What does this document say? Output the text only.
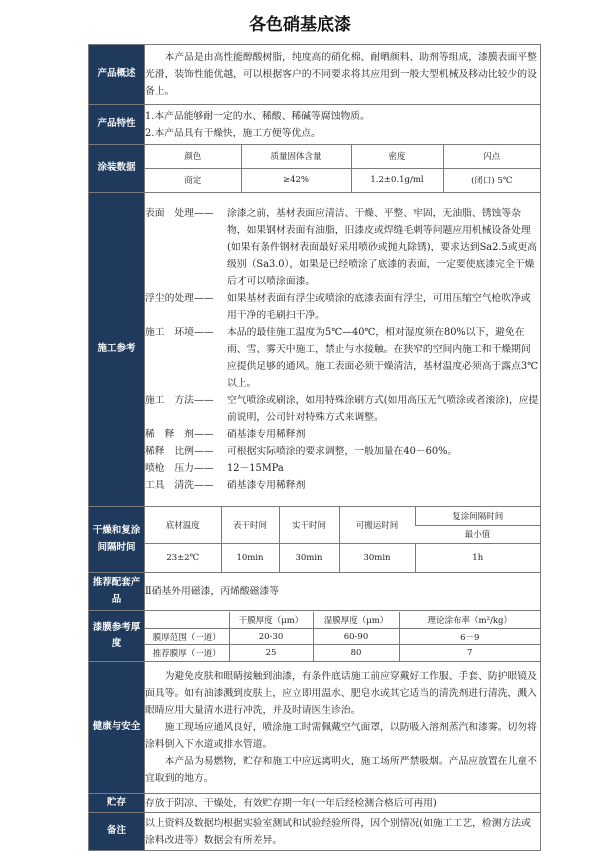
各色硝基底漆
产品概述	

本产品是由高性能醇酸树脂，纯度高的硝化棉、耐晒颜料、助剂等组成，漆膜表面平整光滑，装饰性能优越，可以根据客户的不同要求将其应用到一般大型机械及移动比较少的设备上。

产品特性	

1.本产品能够耐一定的水、稀酸、稀碱等腐蚀物质。

2.本产品具有干燥快，施工方便等优点。

涂装数据	
颜色	质量固体含量	密度	闪点
商定	≥42%	1.2±0.1g/ml	(闭口) 5℃

施工参考	
表面　处理——	涂漆之前，基材表面应清洁、干燥、平整、牢固，无油脂、锈蚀等杂物，如果钢材表面有油脂，旧漆皮或焊缝毛刺等问题应用机械设备处理(如果有条件钢材表面最好采用喷砂或抛丸除锈)，要求达到Sa2.5或更高级别（Sa3.0），如果是已经喷涂了底漆的表面，一定要使底漆完全干燥后才可以喷涂面漆。
浮尘的处理——	如果基材表面有浮尘或喷涂的底漆表面有浮尘，可用压缩空气枪吹净或用干净的毛刷扫干净。
施工　环境——	本品的最佳施工温度为5℃—40℃，相对湿度须在80%以下，避免在雨、雪、雾天中施工，禁止与水接触。在狭窄的空间内施工和干燥期间应提供足够的通风。施工表面必须干燥清洁，基材温度必须高于露点3℃以上。
施工　方法——	空气喷涂或刷涂，如用特殊涂刷方式(如用高压无气喷涂或者滚涂)，应提前说明，公司针对特殊方式来调整。
稀　释　剂——	硝基漆专用稀释剂
稀释　比例——	可根据实际喷涂的要求调整，一般加量在40－60%。
喷枪　压力——	12－15MPa
工具　清洗——	硝基漆专用稀释剂

干燥和复涂间隔时间	
底材温度	表干时间	实干时间	可搬运时间	复涂间隔时间
最小值
23±2℃	10min	30min	30min	1h

推荐配套产品	Ⅱ硝基外用磁漆，丙烯酸磁漆等
漆膜参考厚度	
	干膜厚度（μm）	湿膜厚度（μm）	理论涂布率（m²/kg）
膜厚范围（一道）	20-30	60-90	6－9
推荐膜厚（一道）	25	80	7

健康与安全	

为避免皮肤和眼睛接触到油漆，有条件底话施工前应穿戴好工作服、手套、防护眼镜及面具等。如有油漆溅到皮肤上，应立即用温水、肥皂水或其它适当的清洗剂进行清洗，溅入眼睛应用大量清水进行冲洗，并及时请医生诊治。

施工现场应通风良好，喷涂施工时需佩戴空气面罩，以防吸入溶剂蒸汽和漆雾。切勿将涂料倒入下水道或排水管道。

本产品为易燃物，贮存和施工中应远离明火，施工场所严禁吸烟。产品应放置在儿童不宜取到的地方。

贮存	存放于阴凉、干燥处，有效贮存期一年(一年后经检测合格后可再用)
备注	以上资料及数据均根据实验室测试和试验经验所得，因个别情况(如施工工艺，检测方法或涂料改进等）数据会有所差异。
